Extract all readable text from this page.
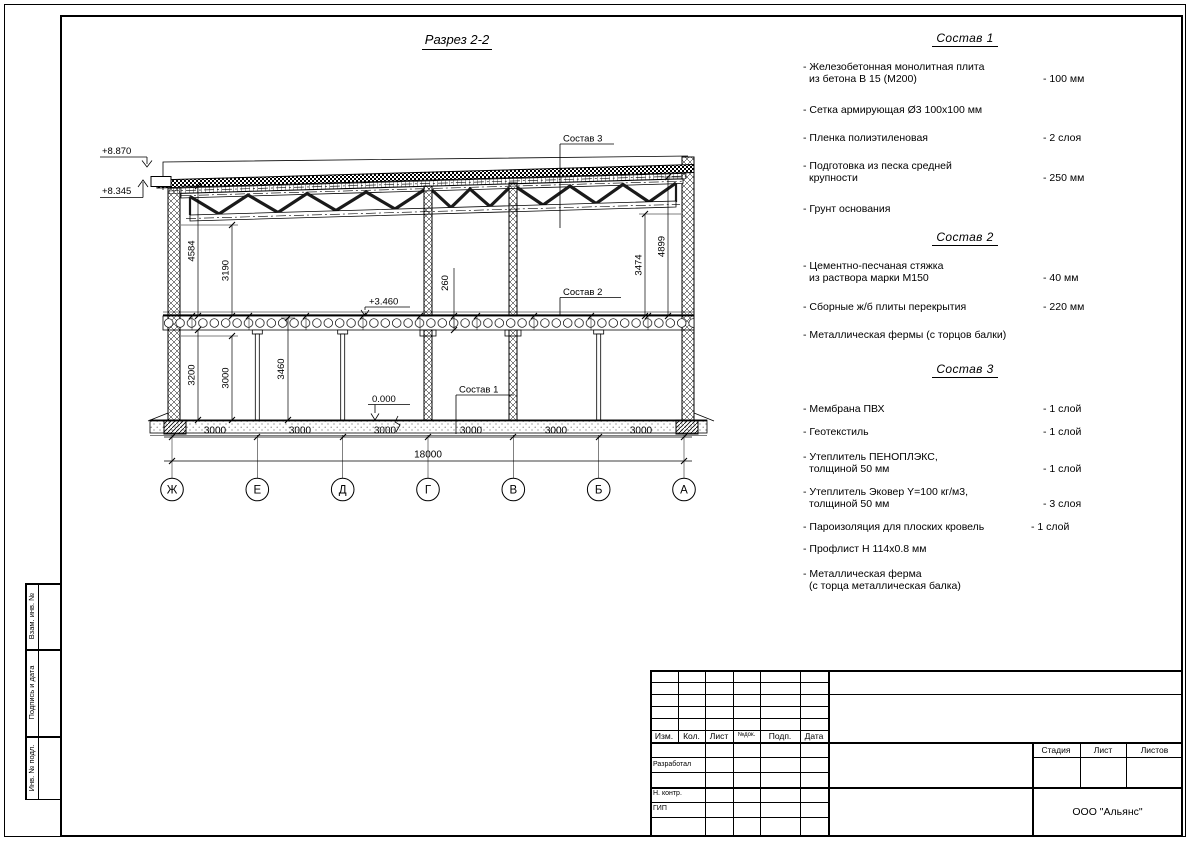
Разрез 2-2
+8.870
+8.345
+3.460
0.000
Состав 3
Состав 2
Состав 1
4584
3190	3474
4899
260
3200 3000	3460
3000	3000	3000	3000	3000	3000
18000
Ж	Е	Д	Г	В	Б	А
Состав 1
- Железобетонная монолитная плита
из бетона В 15 (М200)	- 100 мм
- Сетка армирующая Ø3 100х100 мм
- Пленка полиэтиленовая	- 2 слоя
- Подготовка из песка средней
крупности	- 250 мм
- Грунт основания
Состав 2
- Цементно-песчаная стяжка
из раствора марки М150	- 40 мм
- Сборные ж/б плиты перекрытия	- 220 мм
- Металлическая фермы (с торцов балки)
Состав 3
- Мембрана ПВХ	- 1 слой
- Геотекстиль	- 1 слой
- Утеплитель ПЕНОПЛЭКС,
толщиной 50 мм	- 1 слой
- Утеплитель Эковер Y=100 кг/м3,
толщиной 50 мм	- 3 слоя
- Пароизоляция для плоских кровель	- 1 слой
- Профлист Н 114х0.8 мм
- Металлическая ферма
(с торца металлическая балка)
Изм.	Кол.	Лист	№док.	Подп.	Дата
Разработал
Н. контр.
ГИП
Стадия	Лист	Листов
ООО "Альянс"
Взам. инв. №
Подпись и дата
Инв. № подл.
